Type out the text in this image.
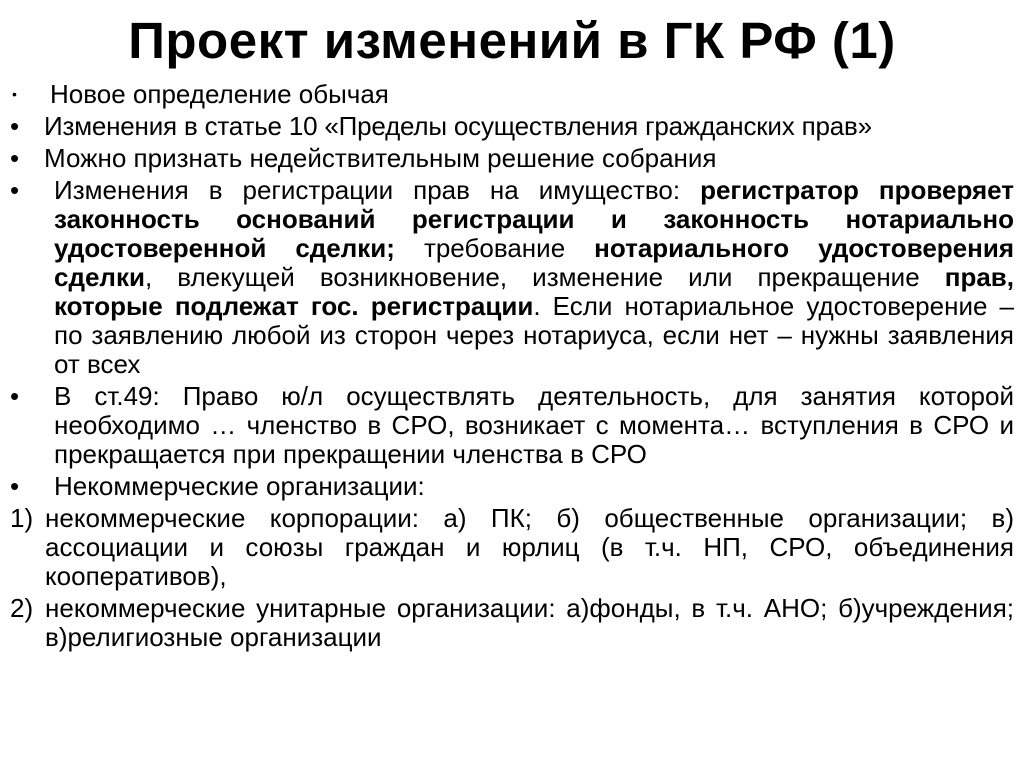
Проект изменений в ГК РФ (1)
•	Новое определение обычая
• Изменения в статье 10 «Пределы осуществления гражданских прав»
• Можно признать недействительным решение собрания
•	Изменения в регистрации прав на имущество: регистратор проверяет законность оснований регистрации и законность нотариально удостоверенной сделки; требование нотариального удостоверения сделки, влекущей возникновение, изменение или прекращение прав, которые подлежат гос. регистрации. Если нотариальное удостоверение – по заявлению любой из сторон через нотариуса, если нет – нужны заявления от всех
•	В ст.49: Право ю/л осуществлять деятельность, для занятия которой необходимо … членство в СРО, возникает с момента… вступления в СРО и прекращается при прекращении членства в СРО
•	Некоммерческие организации:
1) некоммерческие корпорации: а) ПК; б) общественные организации; в) ассоциации и союзы граждан и юрлиц (в т.ч. НП, СРО, объединения кооперативов),
2) некоммерческие унитарные организации: а)фонды, в т.ч. АНО; б)учреждения; в)религиозные организации
